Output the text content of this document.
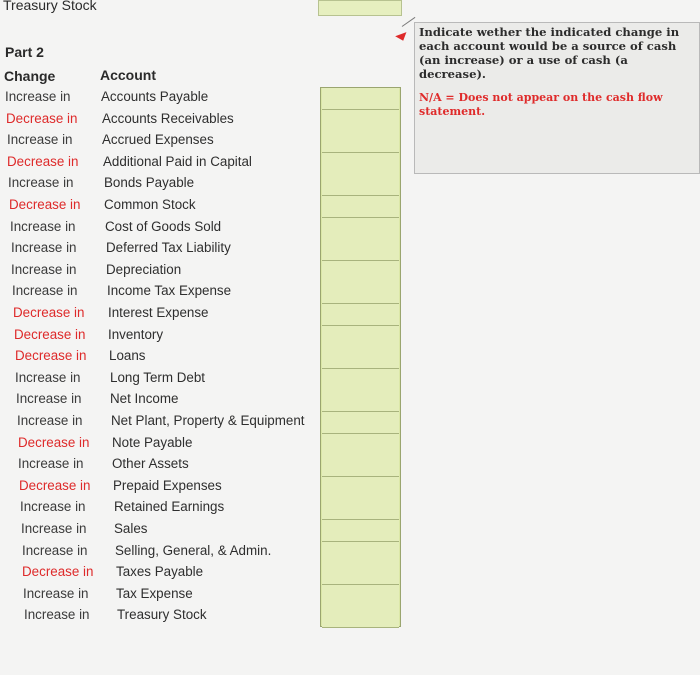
Treasury Stock
Part 2
Change	Account
Increase in Accounts Payable
Decrease in Accounts Receivables
Increase in Accrued Expenses
Decrease in Additional Paid in Capital
Increase in Bonds Payable
Decrease in Common Stock
Increase in Cost of Goods Sold
Increase in Deferred Tax Liability
Increase in Depreciation
Increase in Income Tax Expense
Decrease in Interest Expense
Decrease in Inventory
Decrease in Loans
Increase in Long Term Debt
Increase in Net Income
Increase in Net Plant, Property & Equipment
Decrease in Note Payable
Increase in Other Assets
Decrease in Prepaid Expenses
Increase in Retained Earnings
Increase in Sales
Increase in Selling, General, & Admin.
Decrease in Taxes Payable
Increase in Tax Expense
Increase in Treasury Stock
Indicate wether the indicated change in each account would be a source of cash (an increase) or a use of cash (a decrease).
N/A = Does not appear on the cash flow statement.
